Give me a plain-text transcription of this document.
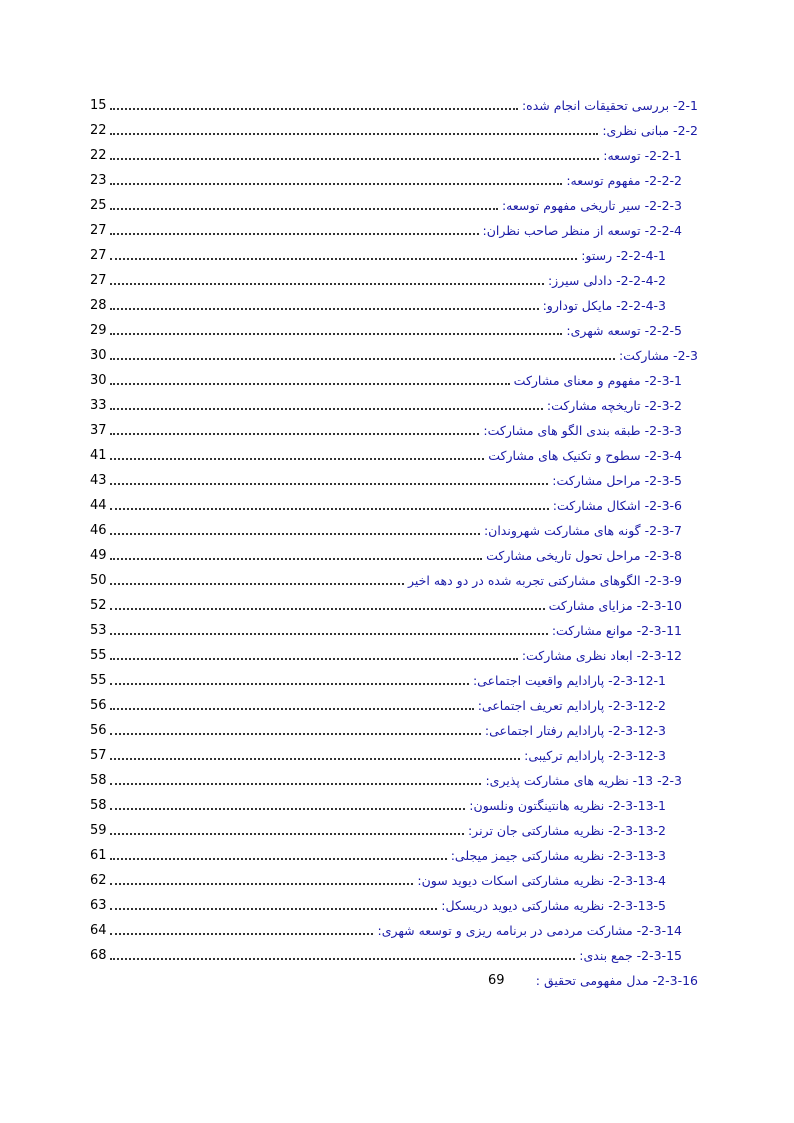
15	2-1- بررسی تحقیقات انجام شده:
22	2-2- مبانی نظری:
22	2-2-1- توسعه:
23	2-2-2- مفهوم توسعه:
25	2-2-3- سیر تاریخی مفهوم توسعه:
27	2-2-4- توسعه از منظر صاحب نظران:
27	2-2-4-1- رستو:
27	2-2-4-2- دادلی سیرز:
28	2-2-4-3- مایکل تودارو:
29	2-2-5- توسعه شهری:
30	2-3- مشارکت:
30	2-3-1- مفهوم و معنای مشارکت
33	2-3-2- تاریخچه مشارکت:
37	2-3-3- طبقه بندی الگو های مشارکت:
41	2-3-4- سطوح و تکنیک های مشارکت
43	2-3-5- مراحل مشارکت:
44	2-3-6- اشکال مشارکت:
46	2-3-7- گونه های مشارکت شهروندان:
49	2-3-8- مراحل تحول تاریخی مشارکت
50	2-3-9- الگوهای مشارکتی تجربه شده در دو دهه اخیر
52	2-3-10- مزایای مشارکت
53	2-3-11- موانع مشارکت:
55	2-3-12- ابعاد نظری مشارکت:
55	2-3-12-1- پارادایم واقعیت اجتماعی:
56	2-3-12-2- پارادایم تعریف اجتماعی:
56	2-3-12-3- پارادایم رفتار اجتماعی:
57	2-3-12-3- پارادایم ترکیبی:
58	2-3- 13- نظریه های مشارکت پذیری:
58	2-3-13-1- نظریه هانتینگتون ونلسون:
59	2-3-13-2- نظریه مشارکتی جان ترنر:
61	2-3-13-3- نظریه مشارکتی جیمز میجلی:
62	2-3-13-4- نظریه مشارکتی اسکات دیوید سون:
63	2-3-13-5- نظریه مشارکتی دیوید دریسکل:
64	2-3-14- مشارکت مردمی در برنامه ریزی و توسعه شهری:
68	2-3-15- جمع بندی:
69 2-3-16- مدل مفهومی تحقیق :
